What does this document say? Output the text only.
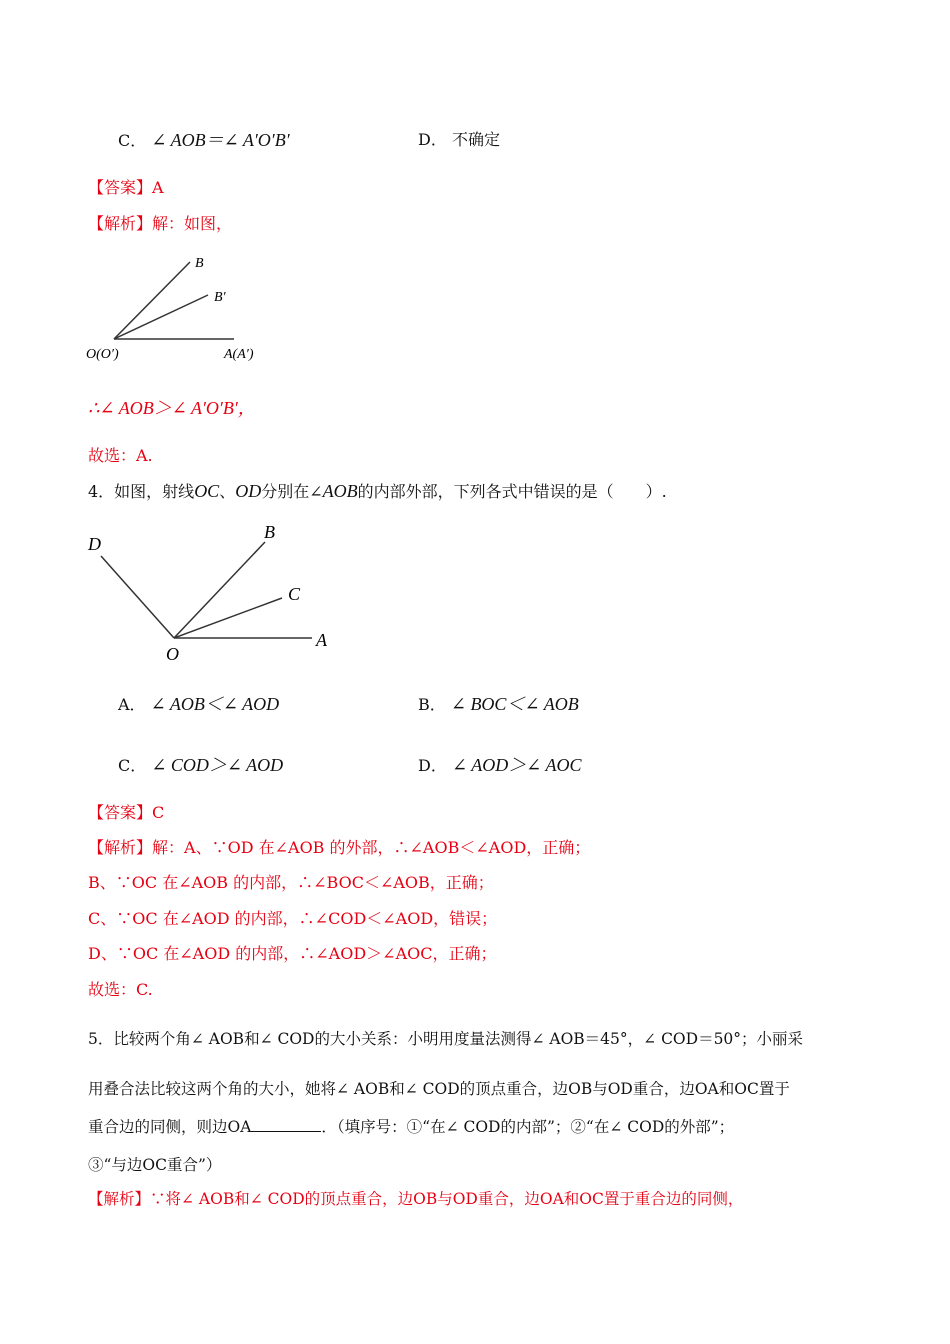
C． ∠ AOB＝∠ A′O′B′	D． 不确定
【答案】A
【解析】解：如图，
B
B′
O(O′)	A(A′)
∴∠ AOB＞∠ A′O′B′，
故选：A.
4．如图，射线OC、OD分别在∠AOB的内部外部，下列各式中错误的是（　　）.
D
B
C
A
O
A． ∠ AOB＜∠ AOD	B． ∠ BOC＜∠ AOB
C． ∠ COD＞∠ AOD	D． ∠ AOD＞∠ AOC
【答案】C
【解析】解：A、∵OD 在∠AOB 的外部，∴∠AOB＜∠AOD，正确；
B、∵OC 在∠AOB 的内部，∴∠BOC＜∠AOB，正确；
C、∵OC 在∠AOD 的内部，∴∠COD＜∠AOD，错误；
D、∵OC 在∠AOD 的内部，∴∠AOD＞∠AOC，正确；
故选：C.
5．比较两个角∠ AOB和∠ COD的大小关系：小明用度量法测得∠ AOB＝45°，∠ COD＝50°；小丽采
用叠合法比较这两个角的大小，她将∠ AOB和∠ COD的顶点重合，边OB与OD重合，边OA和OC置于
重合边的同侧，则边OA	．（填序号：①“在∠ COD的内部”；②“在∠ COD的外部”；
③“与边OC重合”）
【解析】∵将∠ AOB和∠ COD的顶点重合，边OB与OD重合，边OA和OC置于重合边的同侧，
